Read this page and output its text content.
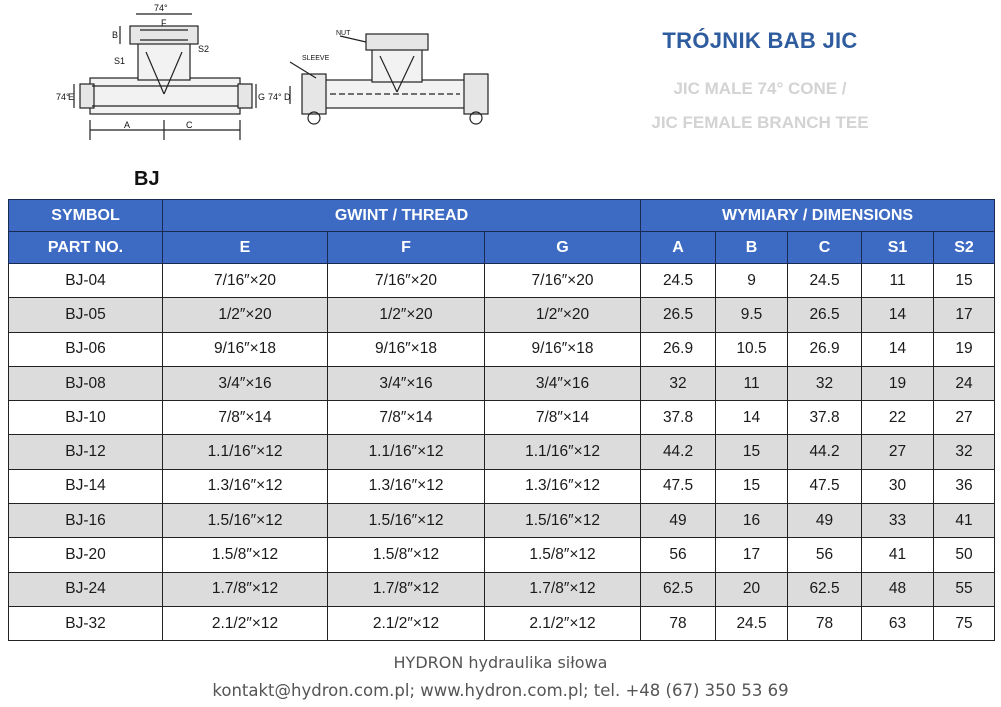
74°
F
B
S2
S1
74°
E	G 74°
A	C
NUT
SLEEVE
D
TRÓJNIK BAB JIC
JIC MALE 74° CONE /
JIC FEMALE BRANCH TEE
BJ
SYMBOL	GWINT / THREAD			WYMIARY / DIMENSIONS				
PART NO.	E	F	G	A	B	C	S1	S2
BJ-04	7/16″×20	7/16″×20	7/16″×20	24.5	9	24.5	11	15
BJ-05	1/2″×20	1/2″×20	1/2″×20	26.5	9.5	26.5	14	17
BJ-06	9/16″×18	9/16″×18	9/16″×18	26.9	10.5	26.9	14	19
BJ-08	3/4″×16	3/4″×16	3/4″×16	32	11	32	19	24
BJ-10	7/8″×14	7/8″×14	7/8″×14	37.8	14	37.8	22	27
BJ-12	1.1/16″×12	1.1/16″×12	1.1/16″×12	44.2	15	44.2	27	32
BJ-14	1.3/16″×12	1.3/16″×12	1.3/16″×12	47.5	15	47.5	30	36
BJ-16	1.5/16″×12	1.5/16″×12	1.5/16″×12	49	16	49	33	41
BJ-20	1.5/8″×12	1.5/8″×12	1.5/8″×12	56	17	56	41	50
BJ-24	1.7/8″×12	1.7/8″×12	1.7/8″×12	62.5	20	62.5	48	55
BJ-32	2.1/2″×12	2.1/2″×12	2.1/2″×12	78	24.5	78	63	75
HYDRON hydraulika siłowa
kontakt@hydron.com.pl; www.hydron.com.pl; tel. +48 (67) 350 53 69
